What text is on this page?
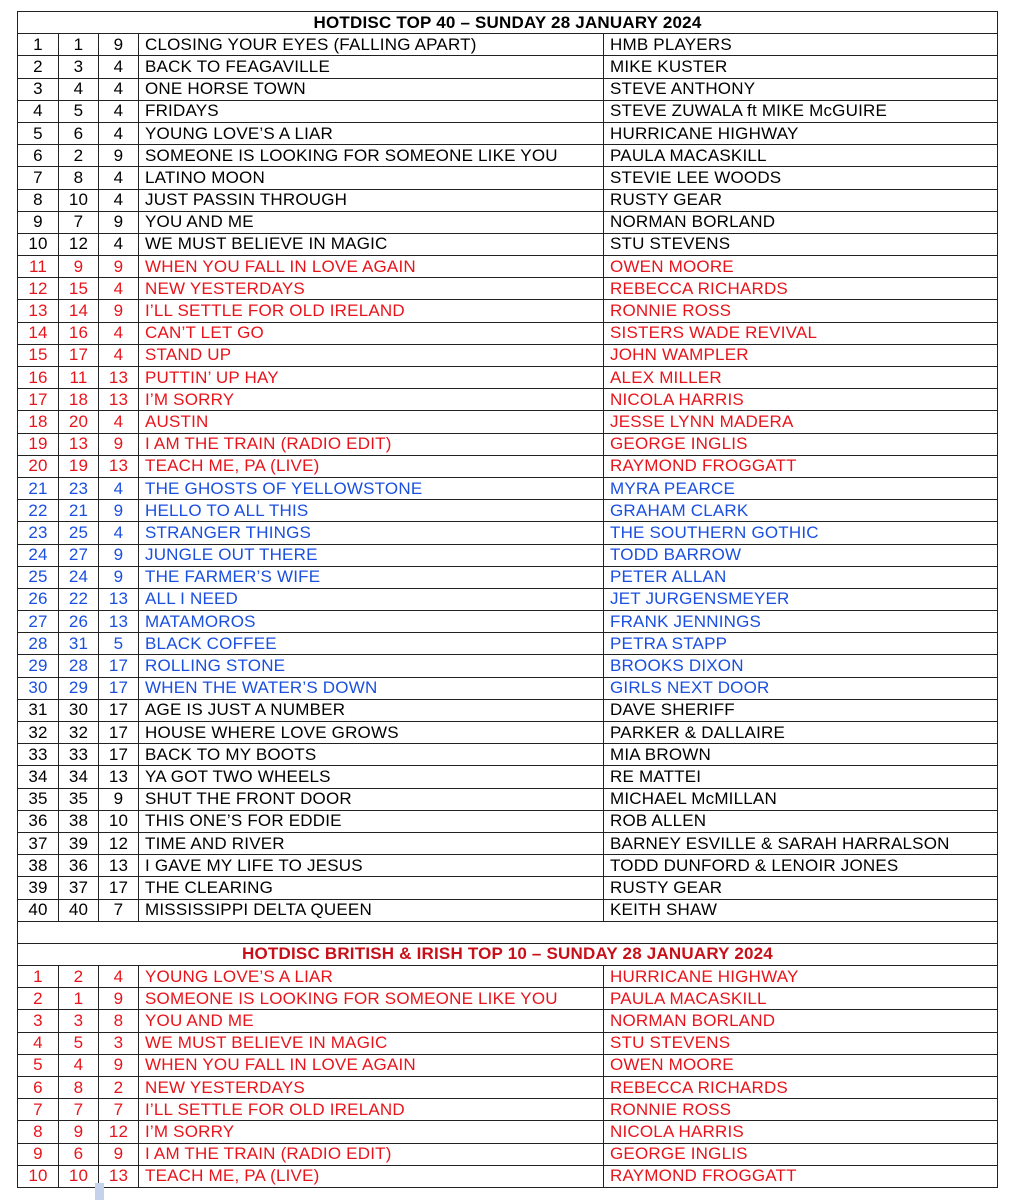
HOTDISC TOP 40 – SUNDAY 28 JANUARY 2024				
1	1	9	CLOSING YOUR EYES (FALLING APART)	HMB PLAYERS
2	3	4	BACK TO FEAGAVILLE	MIKE KUSTER
3	4	4	ONE HORSE TOWN	STEVE ANTHONY
4	5	4	FRIDAYS	STEVE ZUWALA ft MIKE McGUIRE
5	6	4	YOUNG LOVE’S A LIAR	HURRICANE HIGHWAY
6	2	9	SOMEONE IS LOOKING FOR SOMEONE LIKE YOU	PAULA MACASKILL
7	8	4	LATINO MOON	STEVIE LEE WOODS
8	10	4	JUST PASSIN THROUGH	RUSTY GEAR
9	7	9	YOU AND ME	NORMAN BORLAND
10	12	4	WE MUST BELIEVE IN MAGIC	STU STEVENS
11	9	9	WHEN YOU FALL IN LOVE AGAIN	OWEN MOORE
12	15	4	NEW YESTERDAYS	REBECCA RICHARDS
13	14	9	I’LL SETTLE FOR OLD IRELAND	RONNIE ROSS
14	16	4	CAN’T LET GO	SISTERS WADE REVIVAL
15	17	4	STAND UP	JOHN WAMPLER
16	11	13	PUTTIN’ UP HAY	ALEX MILLER
17	18	13	I’M SORRY	NICOLA HARRIS
18	20	4	AUSTIN	JESSE LYNN MADERA
19	13	9	I AM THE TRAIN (RADIO EDIT)	GEORGE INGLIS
20	19	13	TEACH ME, PA (LIVE)	RAYMOND FROGGATT
21	23	4	THE GHOSTS OF YELLOWSTONE	MYRA PEARCE
22	21	9	HELLO TO ALL THIS	GRAHAM CLARK
23	25	4	STRANGER THINGS	THE SOUTHERN GOTHIC
24	27	9	JUNGLE OUT THERE	TODD BARROW
25	24	9	THE FARMER’S WIFE	PETER ALLAN
26	22	13	ALL I NEED	JET JURGENSMEYER
27	26	13	MATAMOROS	FRANK JENNINGS
28	31	5	BLACK COFFEE	PETRA STAPP
29	28	17	ROLLING STONE	BROOKS DIXON
30	29	17	WHEN THE WATER’S DOWN	GIRLS NEXT DOOR
31	30	17	AGE IS JUST A NUMBER	DAVE SHERIFF
32	32	17	HOUSE WHERE LOVE GROWS	PARKER & DALLAIRE
33	33	17	BACK TO MY BOOTS	MIA BROWN
34	34	13	YA GOT TWO WHEELS	RE MATTEI
35	35	9	SHUT THE FRONT DOOR	MICHAEL McMILLAN
36	38	10	THIS ONE’S FOR EDDIE	ROB ALLEN
37	39	12	TIME AND RIVER	BARNEY ESVILLE & SARAH HARRALSON
38	36	13	I GAVE MY LIFE TO JESUS	TODD DUNFORD & LENOIR JONES
39	37	17	THE CLEARING	RUSTY GEAR
40	40	7	MISSISSIPPI DELTA QUEEN	KEITH SHAW

HOTDISC BRITISH & IRISH TOP 10 – SUNDAY 28 JANUARY 2024				
1	2	4	YOUNG LOVE’S A LIAR	HURRICANE HIGHWAY
2	1	9	SOMEONE IS LOOKING FOR SOMEONE LIKE YOU	PAULA MACASKILL
3	3	8	YOU AND ME	NORMAN BORLAND
4	5	3	WE MUST BELIEVE IN MAGIC	STU STEVENS
5	4	9	WHEN YOU FALL IN LOVE AGAIN	OWEN MOORE
6	8	2	NEW YESTERDAYS	REBECCA RICHARDS
7	7	7	I’LL SETTLE FOR OLD IRELAND	RONNIE ROSS
8	9	12	I’M SORRY	NICOLA HARRIS
9	6	9	I AM THE TRAIN (RADIO EDIT)	GEORGE INGLIS
10	10	13	TEACH ME, PA (LIVE)	RAYMOND FROGGATT
